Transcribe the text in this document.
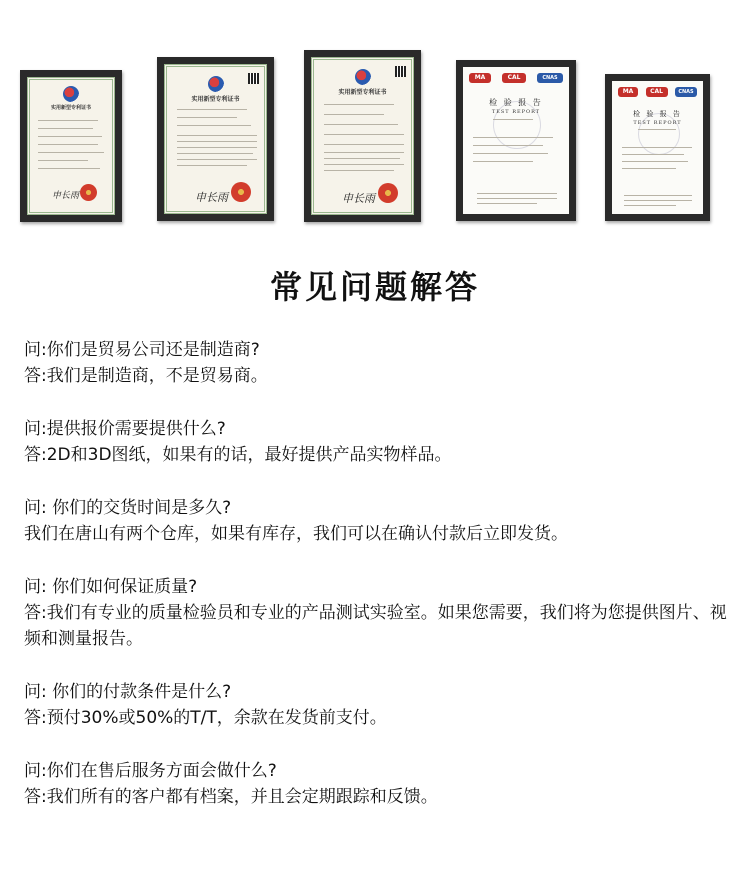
实用新型专利证书
申长雨
实用新型专利证书
申长雨
实用新型专利证书
申长雨
MA	CAL	CNAS
检 验 报 告
TEST REPORT
MA	CAL	CNAS
检 验 报 告
TEST REPORT
常见问题解答

问:你们是贸易公司还是制造商?

答:我们是制造商，不是贸易商。

问:提供报价需要提供什么?

答:2D和3D图纸，如果有的话，最好提供产品实物样品。

问: 你们的交货时间是多久?

我们在唐山有两个仓库，如果有库存，我们可以在确认付款后立即发货。

问: 你们如何保证质量?

答:我们有专业的质量检验员和专业的产品测试实验室。如果您需要，我们将为您提供图片、视频和测量报告。

问: 你们的付款条件是什么?

答:预付30%或50%的T/T，余款在发货前支付。

问:你们在售后服务方面会做什么?

答:我们所有的客户都有档案，并且会定期跟踪和反馈。
